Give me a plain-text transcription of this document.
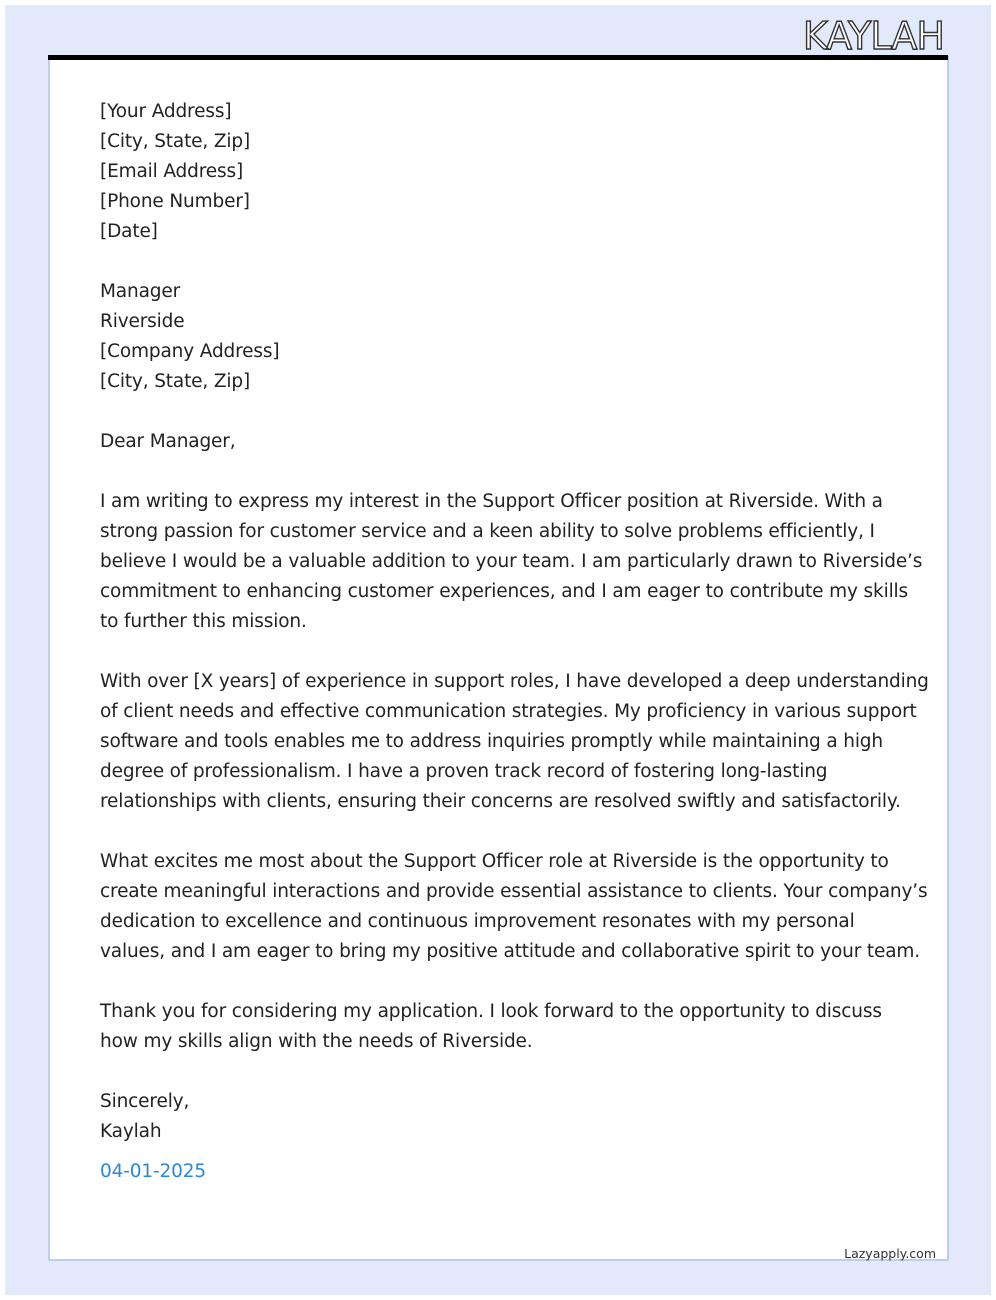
KAYLAH
[Your Address]
[City, State, Zip]
[Email Address]
[Phone Number]
[Date]
Manager
Riverside
[Company Address]
[City, State, Zip]
Dear Manager,
I am writing to express my interest in the Support Officer position at Riverside. With a
strong passion for customer service and a keen ability to solve problems efficiently, I
believe I would be a valuable addition to your team. I am particularly drawn to Riverside’s
commitment to enhancing customer experiences, and I am eager to contribute my skills
to further this mission.
With over [X years] of experience in support roles, I have developed a deep understanding
of client needs and effective communication strategies. My proficiency in various support
software and tools enables me to address inquiries promptly while maintaining a high
degree of professionalism. I have a proven track record of fostering long-lasting
relationships with clients, ensuring their concerns are resolved swiftly and satisfactorily.
What excites me most about the Support Officer role at Riverside is the opportunity to
create meaningful interactions and provide essential assistance to clients. Your company’s
dedication to excellence and continuous improvement resonates with my personal
values, and I am eager to bring my positive attitude and collaborative spirit to your team.
Thank you for considering my application. I look forward to the opportunity to discuss
how my skills align with the needs of Riverside.
Sincerely,
Kaylah
04-01-2025
Lazyapply.com
